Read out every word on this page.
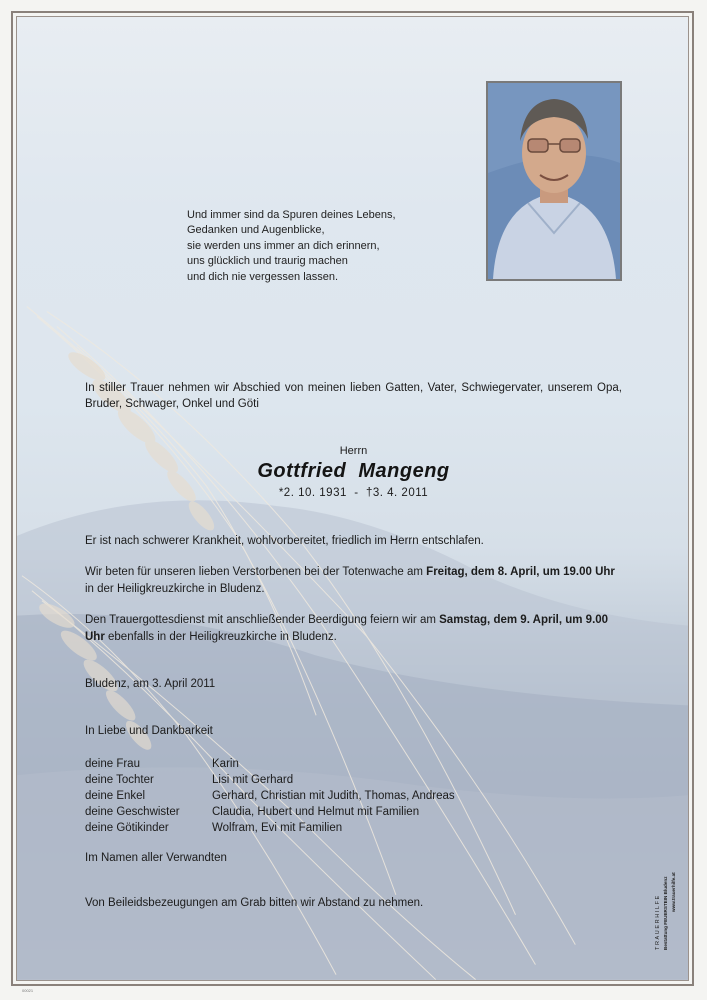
Und immer sind da Spuren deines Lebens,
Gedanken und Augenblicke,
sie werden uns immer an dich erinnern,
uns glücklich und traurig machen
und dich nie vergessen lassen.
In stiller Trauer nehmen wir Abschied von meinen lieben Gatten, Vater, Schwiegervater, unserem Opa, Bruder, Schwager, Onkel und Göti
Herrn
Gottfried  Mangeng
*2. 10. 1931  -  †3. 4. 2011
Er ist nach schwerer Krankheit, wohlvorbereitet, friedlich im Herrn entschlafen.
Wir beten für unseren lieben Verstorbenen bei der Totenwache am Freitag, dem 8. April, um 19.00 Uhr in der Heiligkreuzkirche in Bludenz.
Den Trauergottesdienst mit anschließender Beerdigung feiern wir am Samstag, dem 9. April, um 9.00 Uhr ebenfalls in der Heiligkreuzkirche in Bludenz.
Bludenz, am 3. April 2011
In Liebe und Dankbarkeit
deine Frau	Karin
deine Tochter	Lisi mit Gerhard
deine Enkel	Gerhard, Christian mit Judith, Thomas, Andreas
deine Geschwister	Claudia, Hubert und Helmut mit Familien
deine Götikinder	Wolfram, Evi mit Familien
Im Namen aller Verwandten
Von Beileidsbezeugungen am Grab bitten wir Abstand zu nehmen.	TRAUERHILFE Bestattung FEUERSTEIN Bludenz www.trauerhilfe.at
00021
